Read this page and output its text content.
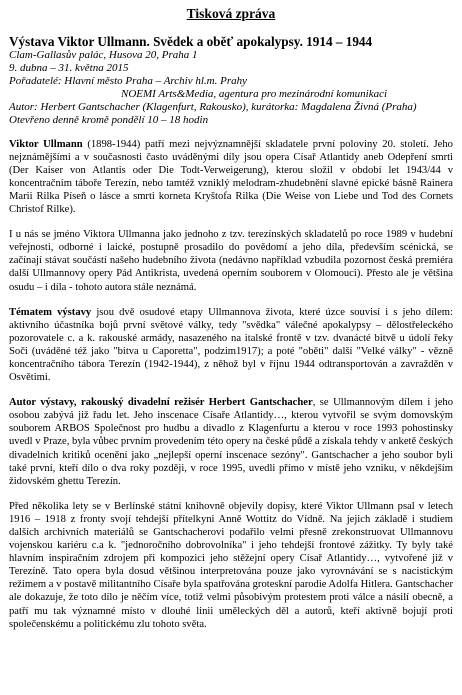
Tisková zpráva
Výstava Viktor Ullmann. Svědek a oběť apokalypsy. 1914 – 1944
Clam-Gallasův palác, Husova 20, Praha 1
9. dubna – 31. května 2015
Pořadatelé: Hlavní město Praha – Archiv hl.m. Prahy
NOEMI Arts&Media, agentura pro mezinárodní komunikaci
Autor: Herbert Gantschacher (Klagenfurt, Rakousko), kurátorka: Magdalena Živná (Praha)
Otevřeno denně kromě pondělí 10 – 18 hodin

Viktor Ullmann (1898-1944) patří mezi nejvýznamnější skladatele první poloviny 20. století. Jeho nejznámějšími a v současnosti často uváděnými díly jsou opera Císař Atlantidy aneb Odepření smrti (Der Kaiser von Atlantis oder Die Todt-Verweigerung), kterou složil v období let 1943/44 v koncentračním táboře Terezín, nebo tamtéž vzniklý melodram-zhudebnění slavné epické básně Rainera Marii Rilka Píseň o lásce a smrti korneta Kryštofa Rilka (Die Weise von Liebe und Tod des Cornets Christof Rilke).

I u nás se jméno Viktora Ullmanna jako jednoho z tzv. terezínských skladatelů po roce 1989 v hudební veřejnosti, odborné i laické, postupně prosadilo do povědomí a jeho díla, především scénická, se začínají stávat součástí našeho hudebního života (nedávno například vzbudila pozornost česká premiéra další Ullmannovy opery Pád Antikrista, uvedená operním souborem v Olomouci). Přesto ale je většina osudu – i díla - tohoto autora stále neznámá.

Tématem výstavy jsou dvě osudové etapy Ullmannova života, které úzce souvisí i s jeho dílem: aktivního účastníka bojů první světové války, tedy "svědka" válečné apokalypsy – dělostřeleckého pozorovatele c. a k. rakouské armády, nasazeného na italské frontě v tzv. dvanácté bitvě u údolí řeky Soči (uváděné též jako "bitva u Caporetta", podzim1917); a poté "oběti" další "Velké války" - vězně koncentračního tábora Terezín (1942-1944), z něhož byl v říjnu 1944 odtransportován a zavražděn v Osvětimi.

Autor výstavy, rakouský divadelní režisér Herbert Gantschacher, se Ullmannovým dílem i jeho osobou zabývá již řadu let. Jeho inscenace Císaře Atlantidy…, kterou vytvořil se svým domovským souborem ARBOS Společnost pro hudbu a divadlo z Klagenfurtu a kterou v roce 1993 pohostinsky uvedl v Praze, byla vůbec prvním provedením této opery na české půdě a získala tehdy v anketě českých divadelních kritiků ocenění jako „nejlepší operní inscenace sezóny". Gantschacher a jeho soubor byli také první, kteří dílo o dva roky později, v roce 1995, uvedli přímo v místě jeho vzniku, v někdejším židovském ghettu Terezín.

Před několika lety se v Berlínské státní knihovně objevily dopisy, které Viktor Ullmann psal v letech 1916 – 1918 z fronty svojí tehdejší přítelkyni Anně Wottitz do Vídně. Na jejich základě i studiem dalších archivních materiálů se Gantschacherovi podařilo velmi přesně zrekonstruovat Ullmannovu vojenskou kariéru c.a k. "jednoročního dobrovolníka" i jeho tehdejší frontové zážitky. Ty byly také hlavním inspiračním zdrojem při kompozici jeho stěžejní opery Císař Atlantidy…, vytvořené již v Terezíně. Tato opera byla dosud většinou interpretována pouze jako vyrovnávání se s nacistickým režimem a v postavě militantního Císaře byla spatřována groteskní parodie Adolfa Hitlera. Gantschacher ale dokazuje, že toto dílo je něčím více, totiž velmi působivým protestem proti válce a násilí obecně, a patří mu tak významné místo v dlouhé linii uměleckých děl a autorů, kteří aktivně bojují proti společenskému a politickému zlu tohoto světa.
